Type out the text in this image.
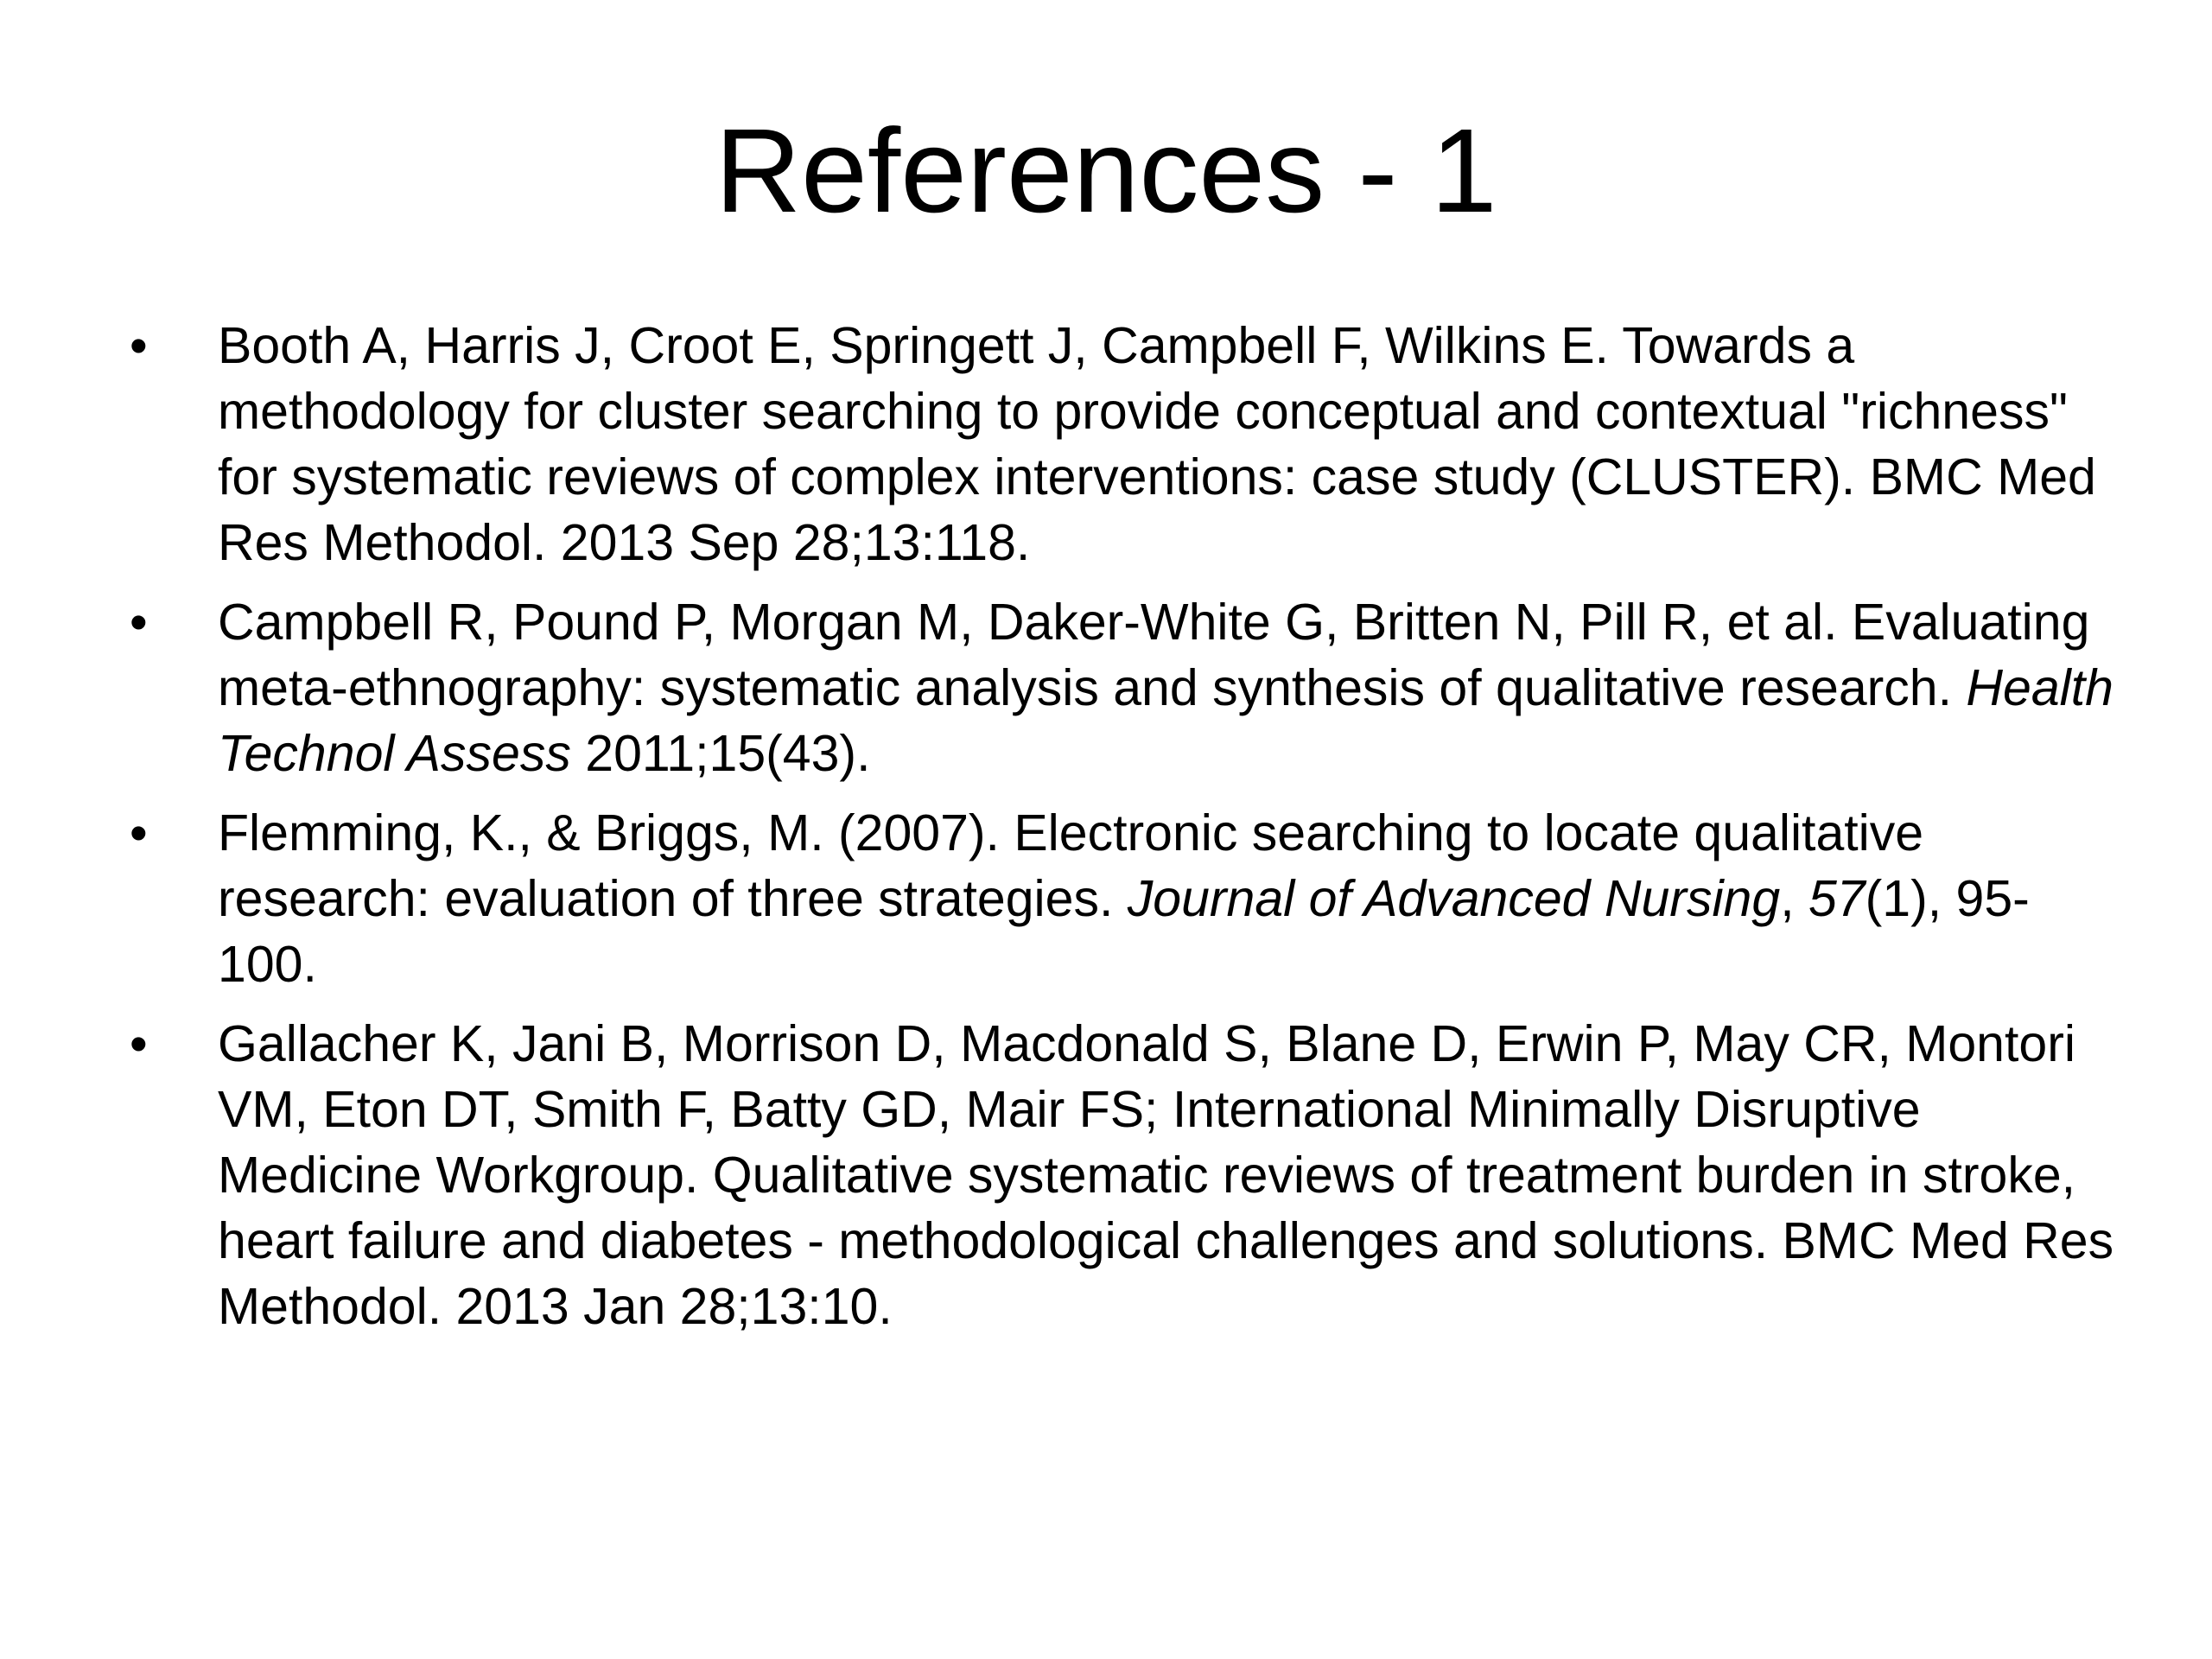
References - 1
•	Booth A, Harris J, Croot E, Springett J, Campbell F, Wilkins E. Towards a methodology for cluster searching to provide conceptual and contextual "richness" for systematic reviews of complex interventions: case study (CLUSTER). BMC Med Res Methodol. 2013 Sep 28;13:118.
•	Campbell R, Pound P, Morgan M, Daker-White G, Britten N, Pill R, et al. Evaluating meta-ethnography: systematic analysis and synthesis of qualitative research. Health Technol Assess 2011;15(43).
•	Flemming, K., & Briggs, M. (2007). Electronic searching to locate qualitative research: evaluation of three strategies. Journal of Advanced Nursing, 57(1), 95-100.
•	Gallacher K, Jani B, Morrison D, Macdonald S, Blane D, Erwin P, May CR, Montori VM, Eton DT, Smith F, Batty GD, Mair FS; International Minimally Disruptive Medicine Workgroup. Qualitative systematic reviews of treatment burden in stroke, heart failure and diabetes - methodological challenges and solutions. BMC Med Res Methodol. 2013 Jan 28;13:10.
